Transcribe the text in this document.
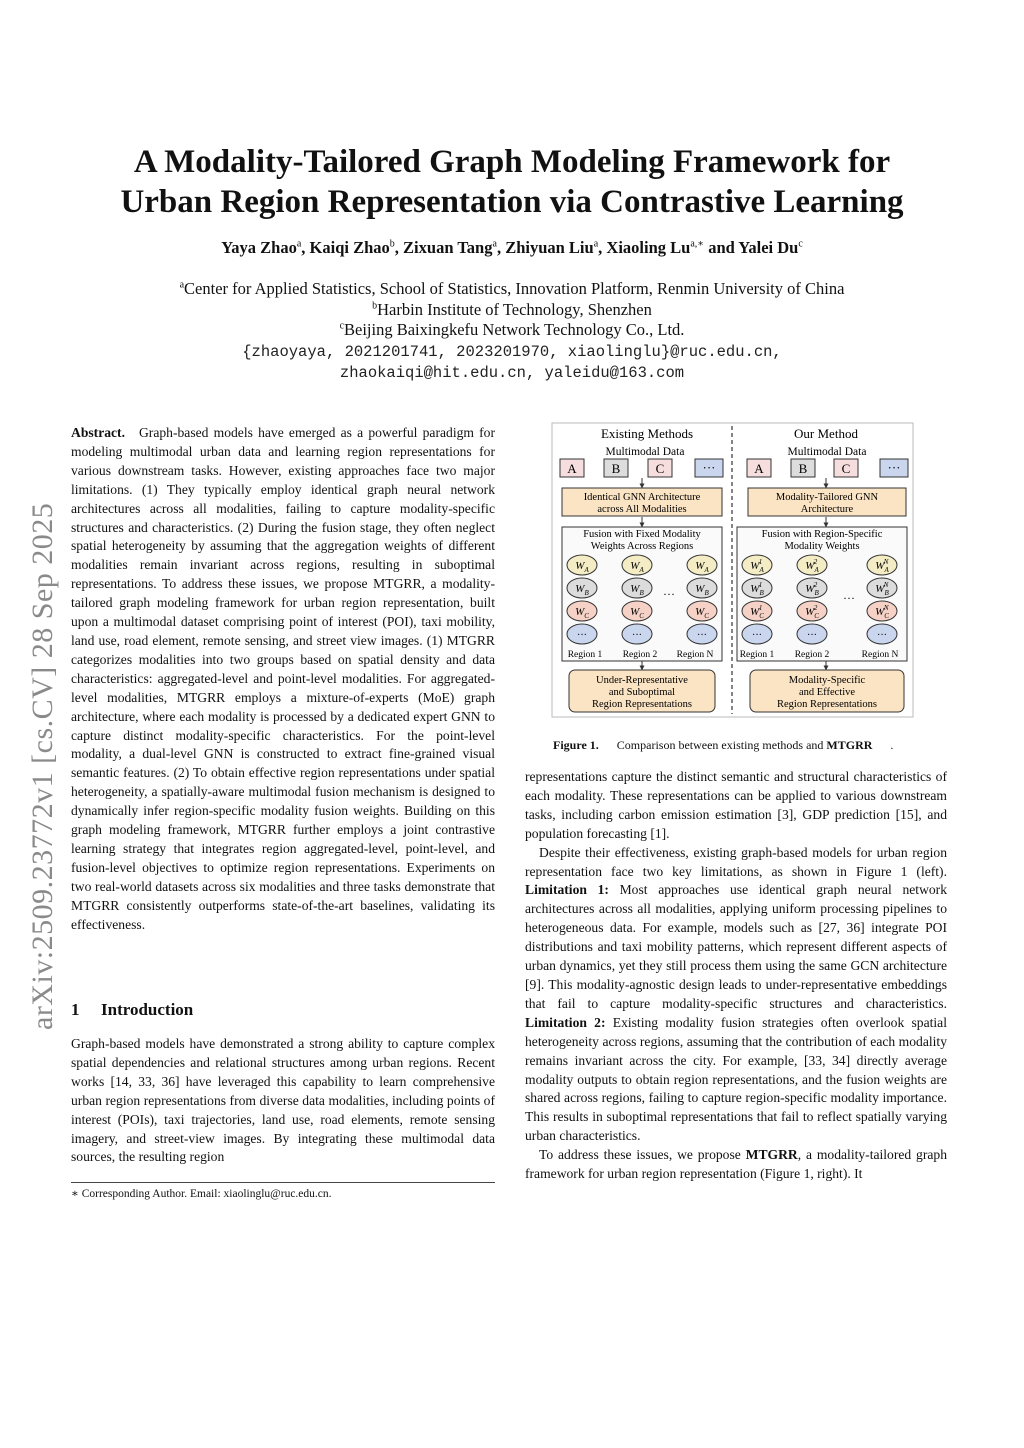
A Modality-Tailored Graph Modeling Framework for
Urban Region Representation via Contrastive Learning
Yaya Zhao$^a$, Kaiqi Zhao$^b$, Zixuan Tang$^a$, Zhiyuan Liu$^a$, Xiaoling $Lu^{a,∗}$ and Yalei Du$^c$
$^a$Center for Applied Statistics, School of Statistics, Innovation Platform, Renmin University of China
$^b$Harbin Institute of Technology, Shenzhen
$^c$Beijing Baixingkefu Network Technology Co., Ltd.
{zhaoyaya, 2021201741, 2023201970, xiaolinglu}@ruc.edu.cn,
zhaokaiqi@hit.edu.cn, yaleidu@163.com
arXiv:2509.23772v1 [cs.CV] 28 Sep 2025

Abstract. Graph-based models have emerged as a powerful paradigm for modeling multimodal urban data and learning region representations for various downstream tasks. However, existing approaches face two major limitations. (1) They typically employ identical graph neural network architectures across all modalities, failing to capture modality-specific structures and characteristics. (2) During the fusion stage, they often neglect spatial heterogeneity by assuming that the aggregation weights of different modalities remain invariant across regions, resulting in suboptimal representations. To address these issues, we propose MTGRR, a modality-tailored graph modeling framework for urban region representation, built upon a multimodal dataset comprising point of interest (POI), taxi mobility, land use, road element, remote sensing, and street view images. (1) MTGRR categorizes modalities into two groups based on spatial density and data characteristics: aggregated-level and point-level modalities. For aggregated-level modalities, MTGRR employs a mixture-of-experts (MoE) graph architecture, where each modality is processed by a dedicated expert GNN to capture distinct modality-specific characteristics. For the point-level modality, a dual-level GNN is constructed to extract fine-grained visual semantic features. (2) To obtain effective region representations under spatial heterogeneity, a spatially-aware multimodal fusion mechanism is designed to dynamically infer region-specific modality fusion weights. Building on this graph modeling framework, MTGRR further employs a joint contrastive learning strategy that integrates region aggregated-level, point-level, and fusion-level objectives to optimize region representations. Experiments on two real-world datasets across six modalities and three tasks demonstrate that MTGRR consistently outperforms state-of-the-art baselines, validating its effectiveness.

1 Introduction

Graph-based models have demonstrated a strong ability to capture complex spatial dependencies and relational structures among urban regions. Recent works [14, 33, 36] have leveraged this capability to learn comprehensive urban region representations from diverse data modalities, including points of interest (POIs), taxi trajectories, land use, road elements, remote sensing imagery, and street-view images. By integrating these multimodal data sources, the resulting region

∗ Corresponding Author. Email: xiaolinglu@ruc.edu.cn.
Existing Methods	Our Method
Multimodal Data	Multimodal Data
A	B	C	···	A	B	C	···
Identical GNN Architecture
across All Modalities
Modality-Tailored GNN
Architecture
Fusion with Fixed Modality
Weights Across Regions
Fusion with Region-Specific
Modality Weights
$W_A$	$W_A$	$W_A$
$W_B$	$W_B$	$W_B$
$W_C$	$W_C$	$W_C$
···	···	···
$W_A1$	$W_A2$	$W_AN$
$W_B1$	$W_B2$	$W_BN$
$W_C1$	$W_C2$	$W_CN$
···	···	···
···	···
Region 1 Region 2 Region N	Region 1 Region 2	Region N
Under-Representative
and Suboptimal
Region Representations
Modality-Specific
and Effective
Region Representations
Figure 1. Comparison between existing methods and MTGRR .

representations capture the distinct semantic and structural characteristics of each modality. These representations can be applied to various downstream tasks, including carbon emission estimation [3], GDP prediction [15], and population forecasting [1].

Despite their effectiveness, existing graph-based models for urban region representation face two key limitations, as shown in Figure 1 (left). Limitation 1: Most approaches use identical graph neural network architectures across all modalities, applying uniform processing pipelines to heterogeneous data. For example, models such as [27, 36] integrate POI distributions and taxi mobility patterns, which represent different aspects of urban dynamics, yet they still process them using the same GCN architecture [9]. This modality-agnostic design leads to under-representative embeddings that fail to capture modality-specific structures and characteristics. Limitation 2: Existing modality fusion strategies often overlook spatial heterogeneity across regions, assuming that the contribution of each modality remains invariant across the city. For example, [33, 34] directly average modality outputs to obtain region representations, and the fusion weights are shared across regions, failing to capture region-specific modality importance. This results in suboptimal representations that fail to reflect spatially varying urban characteristics.

To address these issues, we propose MTGRR, a modality-tailored graph framework for urban region representation (Figure 1, right). It
